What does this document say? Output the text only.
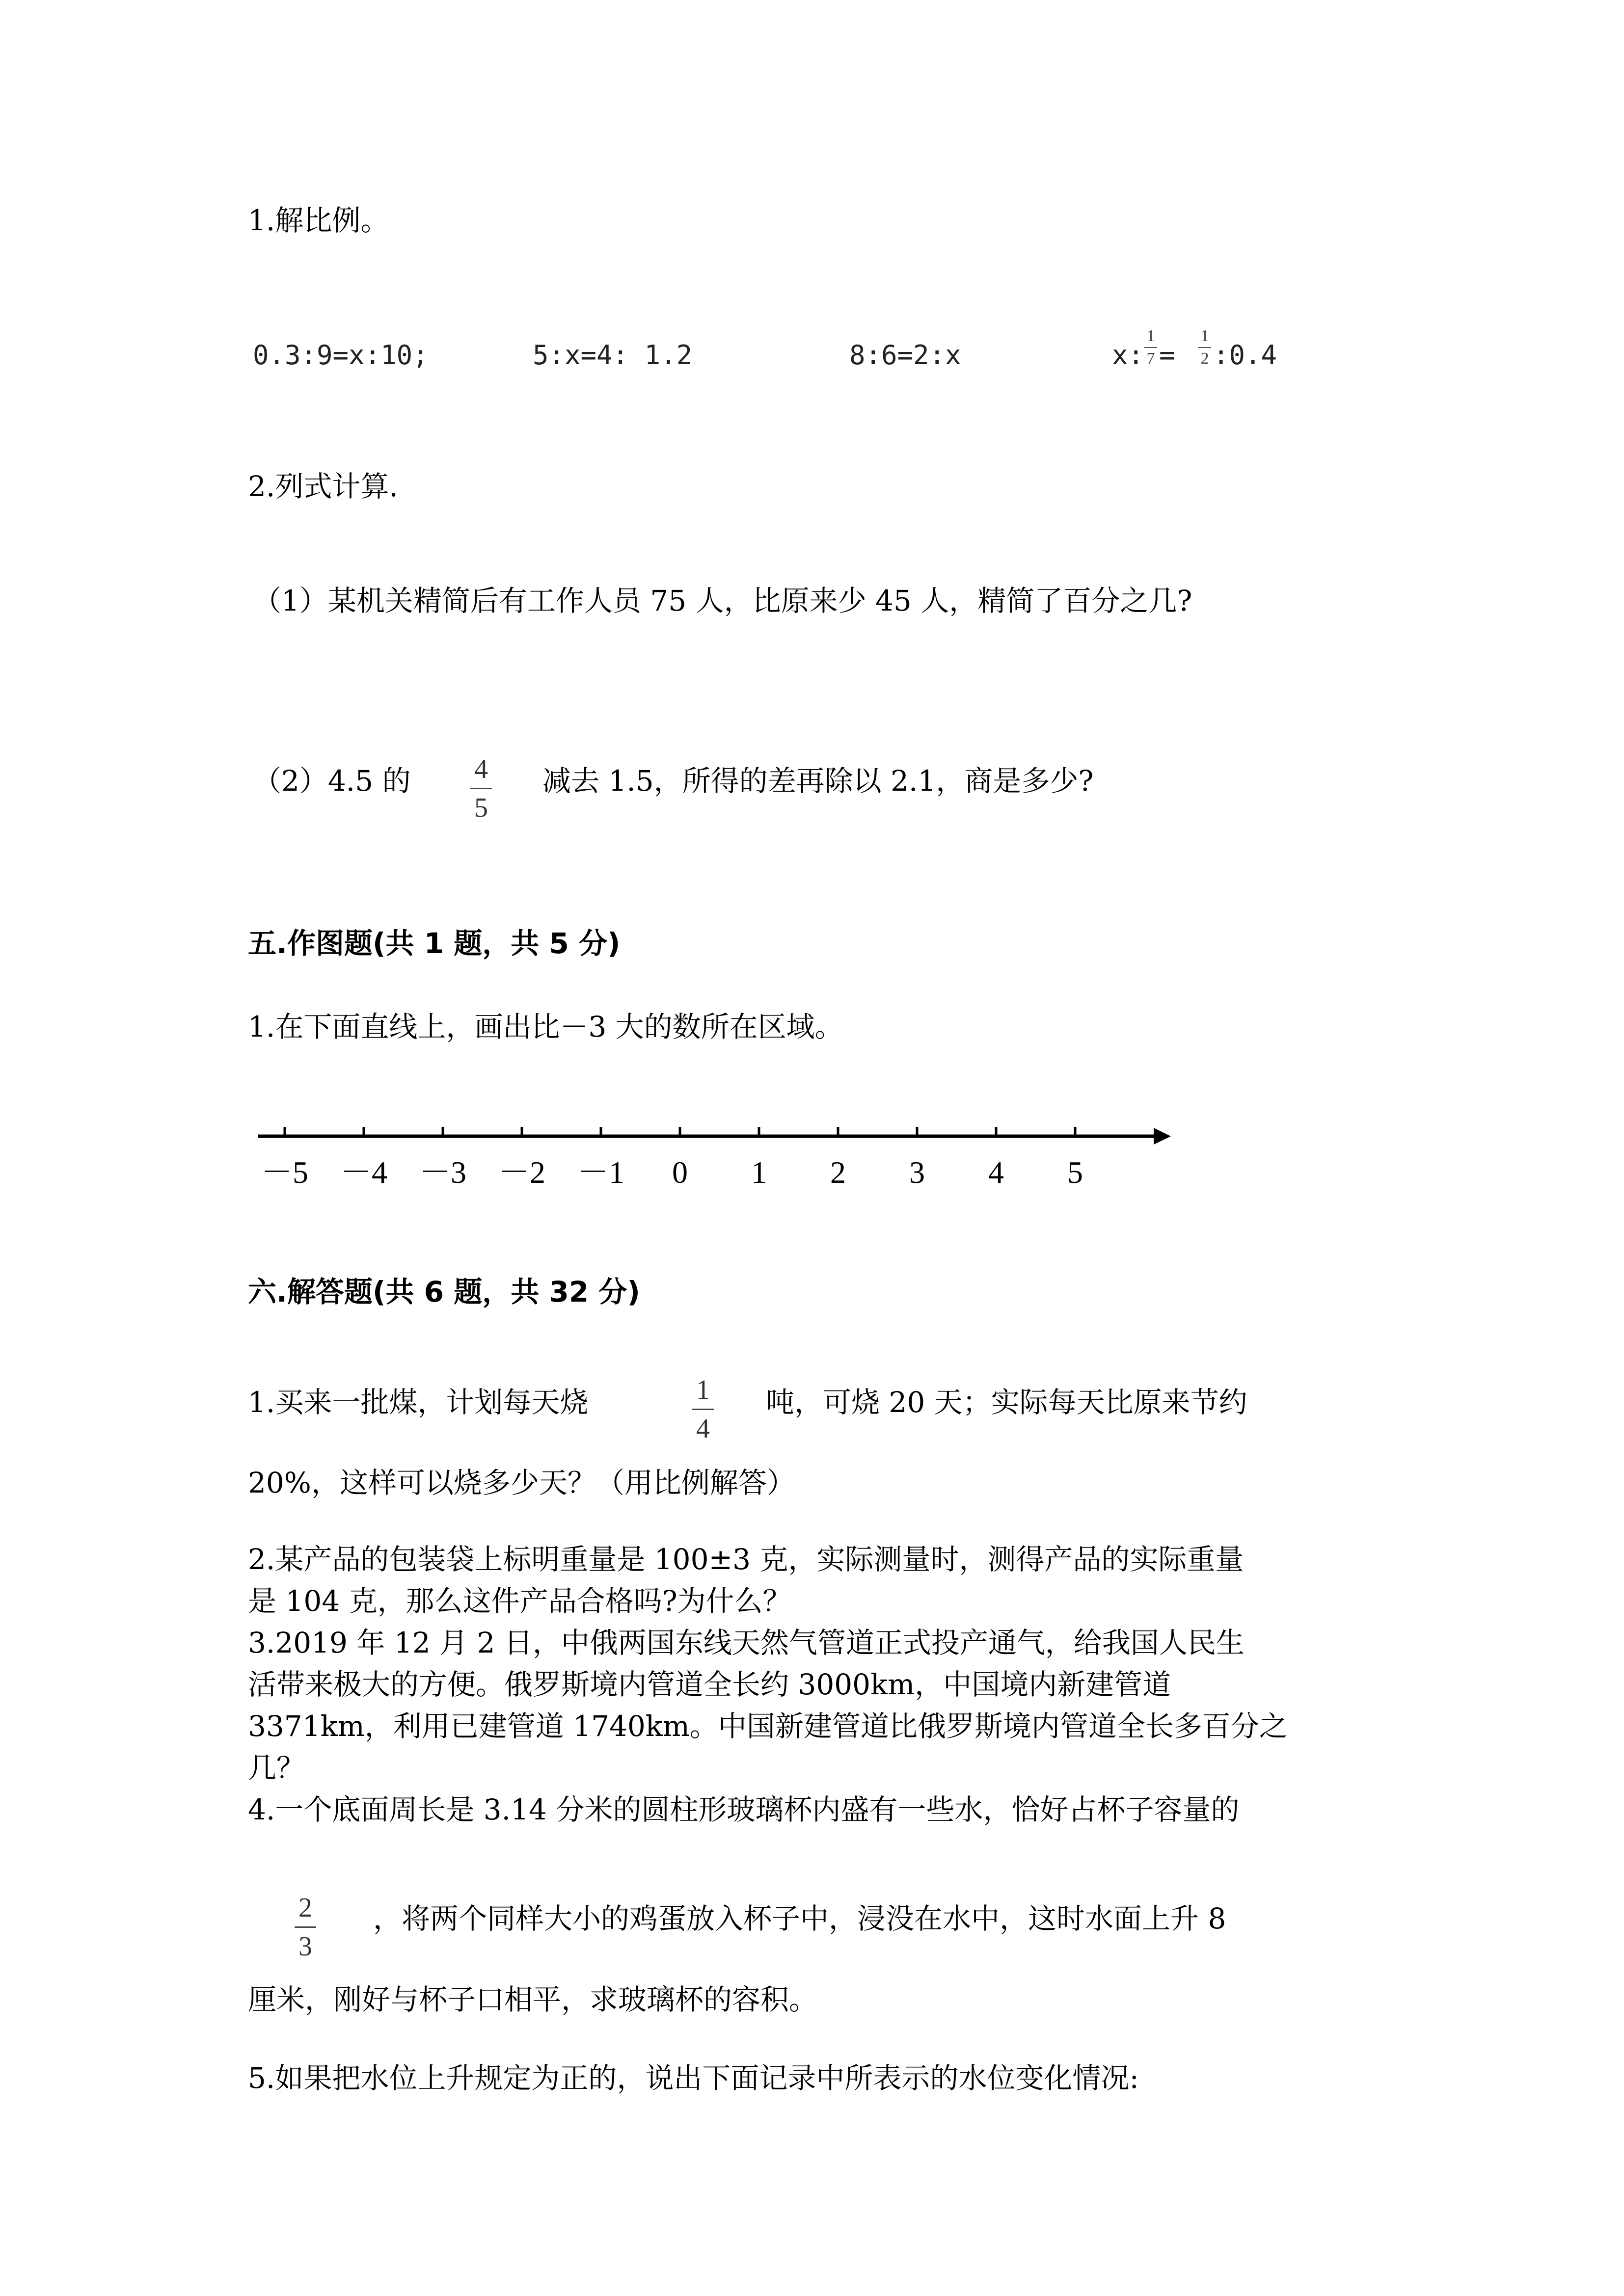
1.解比例。
0.3:9=x:10;	5:x=4: 1.2	8:6=2:x	x:
1
7 =
1
2 :0.4
2.列式计算.
（1）某机关精简后有工作人员 75 人，比原来少 45 人，精简了百分之几?
（2）4.5 的 4
5
减去 1.5，所得的差再除以 2.1，商是多少?
五.作图题(共 1 题，共 5 分)
1.在下面直线上，画出比－3 大的数所在区域。
－5 －4 －3 －2 －1 0 1 2 3 4 5
六.解答题(共 6 题，共 32 分)
1.买来一批煤，计划每天烧	1
4
吨，可烧 20 天；实际每天比原来节约
20%，这样可以烧多少天？（用比例解答）
2.某产品的包装袋上标明重量是 100±3 克，实际测量时，测得产品的实际重量
是 104 克，那么这件产品合格吗?为什么？
3.2019 年 12 月 2 日，中俄两国东线天然气管道正式投产通气，给我国人民生
活带来极大的方便。俄罗斯境内管道全长约 3000km，中国境内新建管道
3371km，利用已建管道 1740km。中国新建管道比俄罗斯境内管道全长多百分之
几？
4.一个底面周长是 3.14 分米的圆柱形玻璃杯内盛有一些水，恰好占杯子容量的
2
3
，将两个同样大小的鸡蛋放入杯子中，浸没在水中，这时水面上升 8
厘米，刚好与杯子口相平，求玻璃杯的容积。
5.如果把水位上升规定为正的，说出下面记录中所表示的水位变化情况:
